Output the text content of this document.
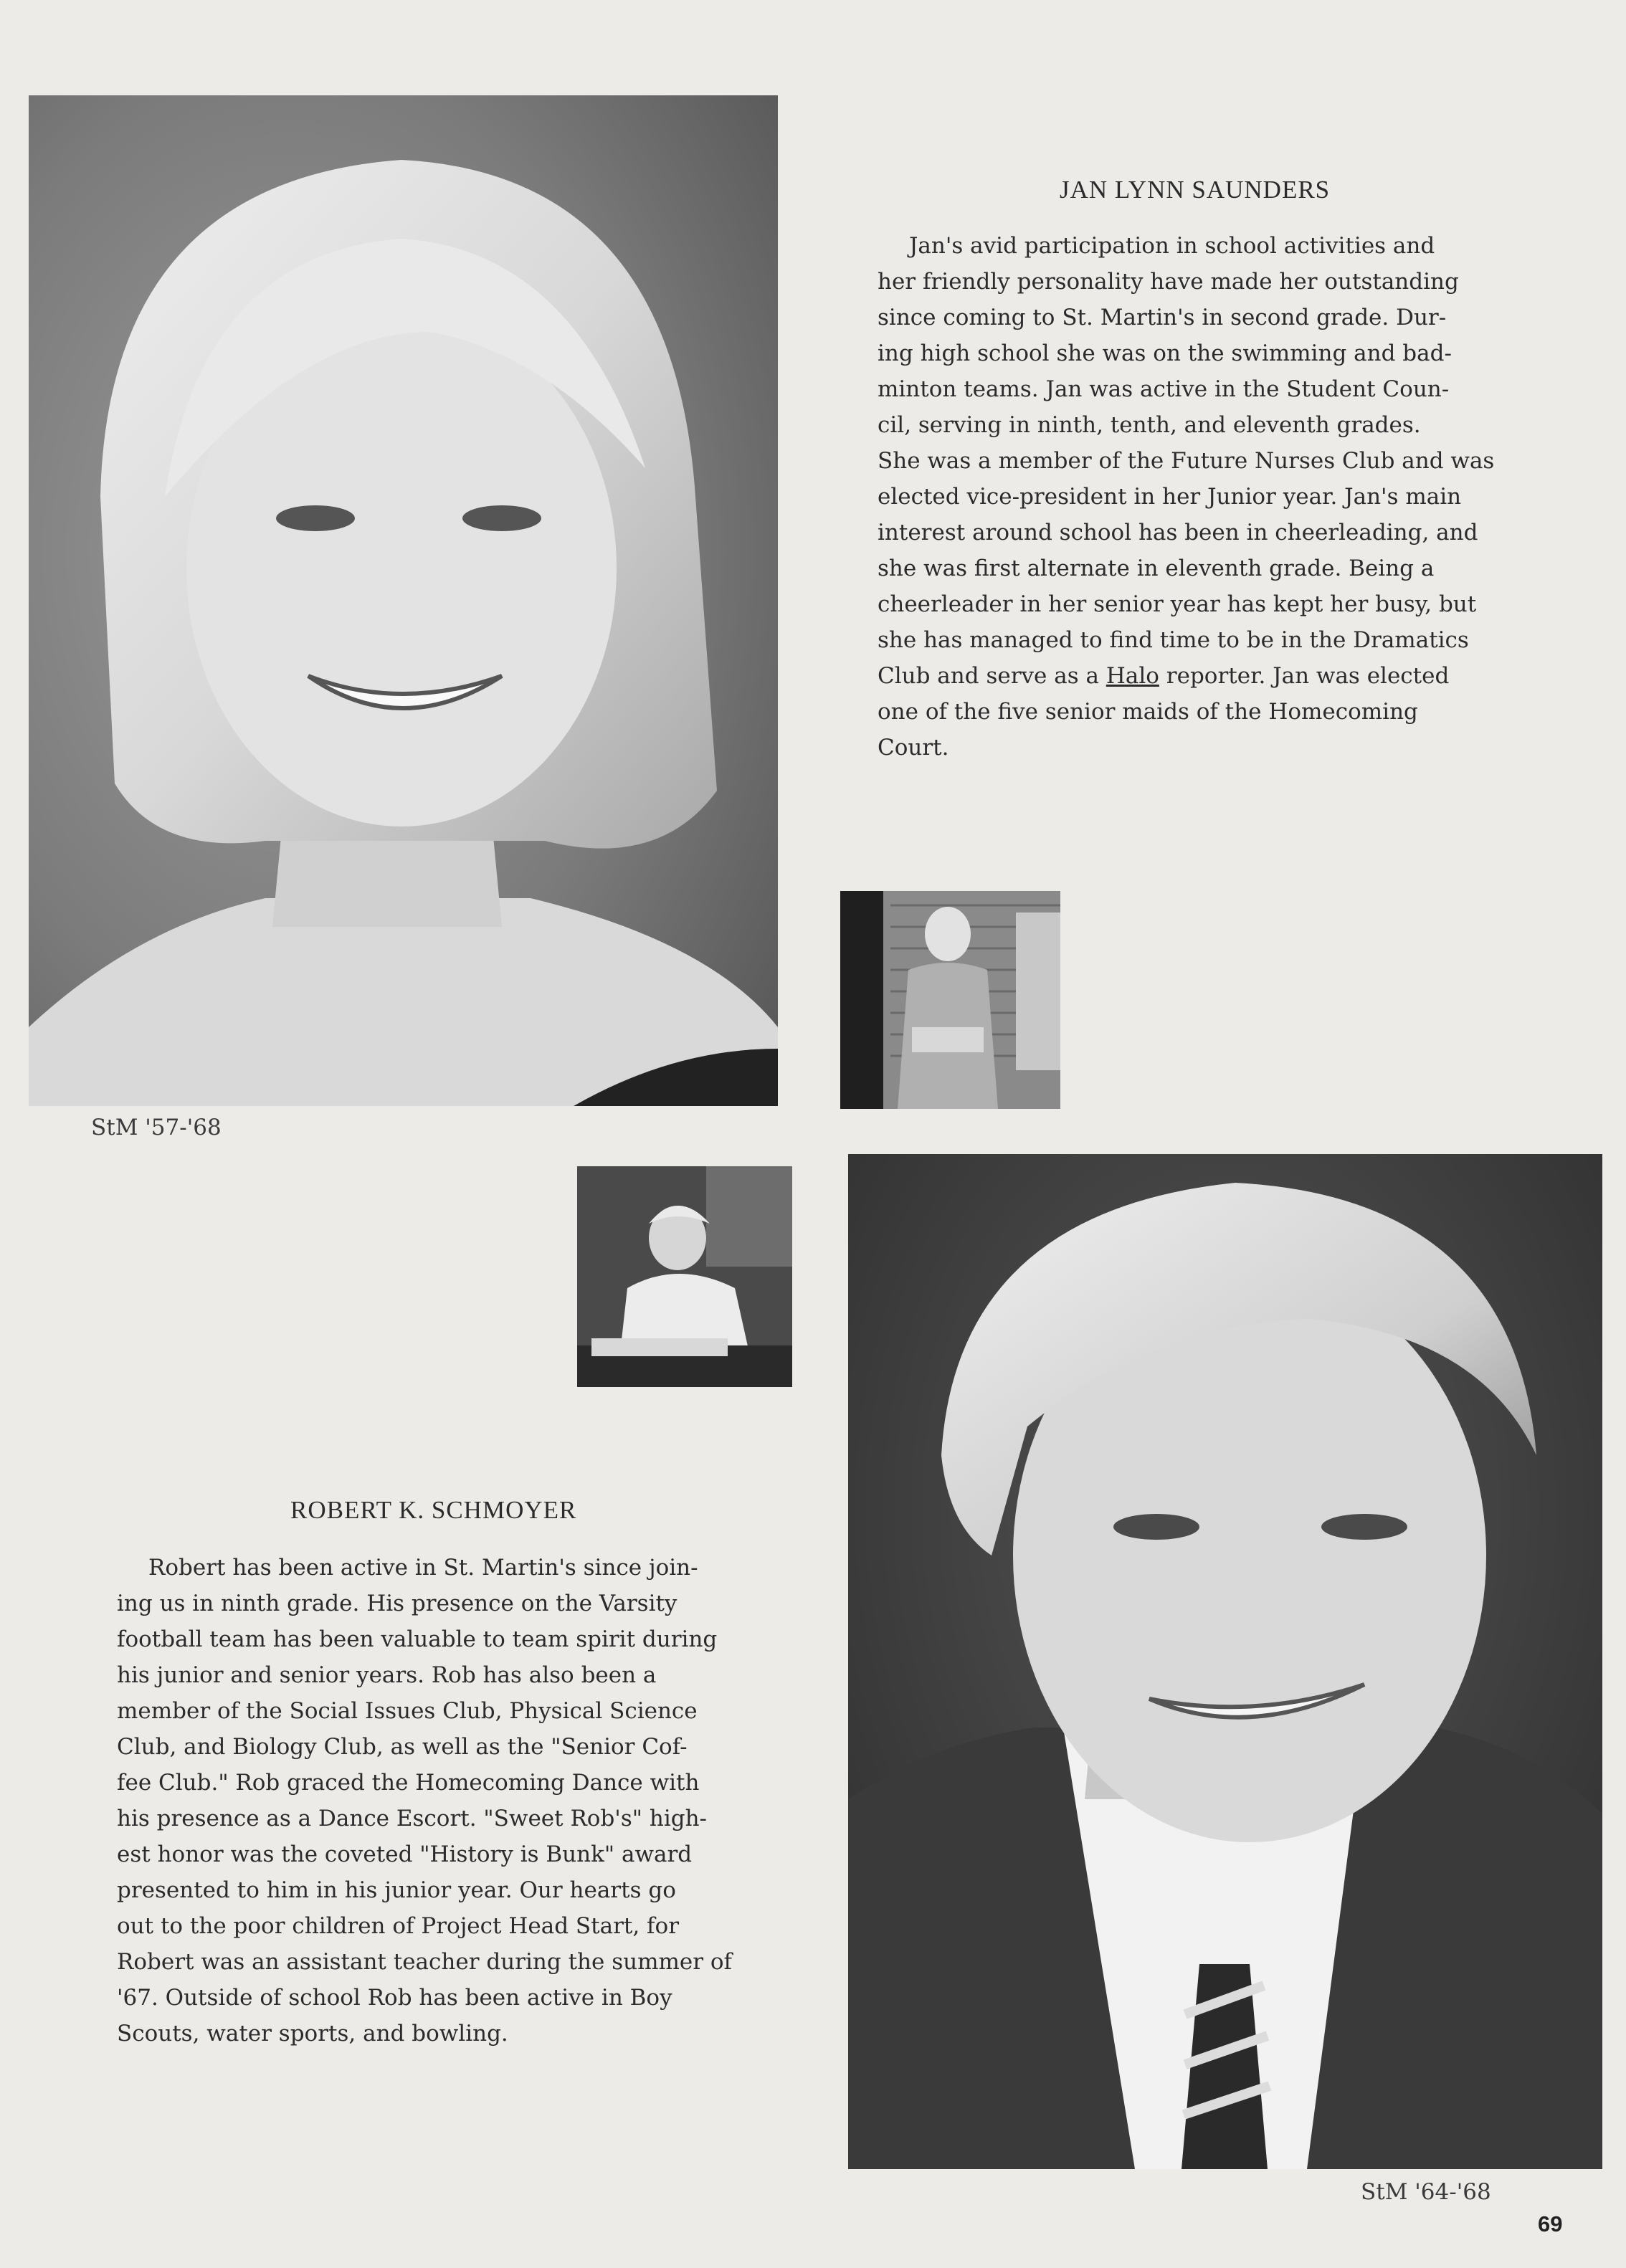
StM '57-'68
JAN LYNN SAUNDERS
Jan's avid participation in school activities and
her friendly personality have made her outstanding
since coming to St. Martin's in second grade. Dur-
ing high school she was on the swimming and bad-
minton teams. Jan was active in the Student Coun-
cil, serving in ninth, tenth, and eleventh grades.
She was a member of the Future Nurses Club and was
elected vice-president in her Junior year. Jan's main
interest around school has been in cheerleading, and
she was first alternate in eleventh grade. Being a
cheerleader in her senior year has kept her busy, but
she has managed to find time to be in the Dramatics
Club and serve as a Halo reporter. Jan was elected
one of the five senior maids of the Homecoming
Court.
ROBERT K. SCHMOYER
Robert has been active in St. Martin's since join-
ing us in ninth grade. His presence on the Varsity
football team has been valuable to team spirit during
his junior and senior years. Rob has also been a
member of the Social Issues Club, Physical Science
Club, and Biology Club, as well as the "Senior Cof-
fee Club." Rob graced the Homecoming Dance with
his presence as a Dance Escort. "Sweet Rob's" high-
est honor was the coveted "History is Bunk" award
presented to him in his junior year. Our hearts go
out to the poor children of Project Head Start, for
Robert was an assistant teacher during the summer of
'67. Outside of school Rob has been active in Boy
Scouts, water sports, and bowling.
StM '64-'68
69
